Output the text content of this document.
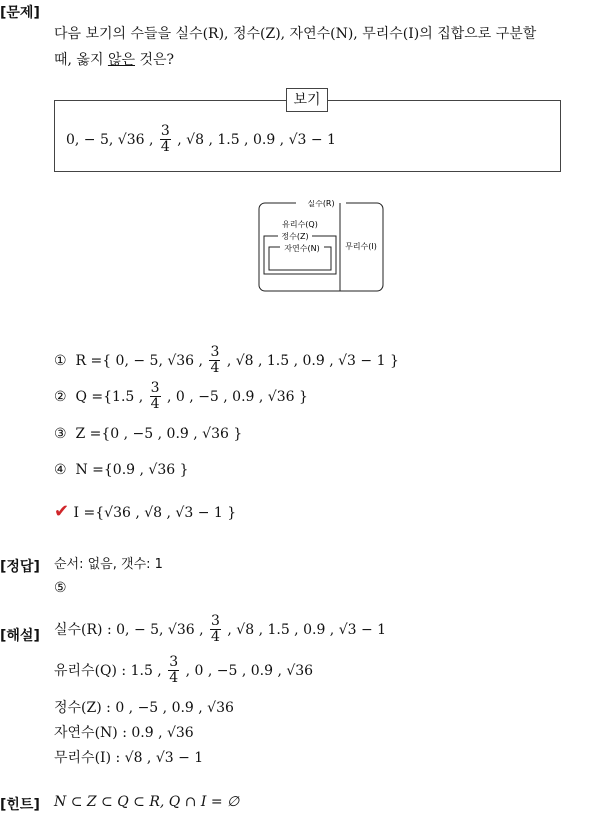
[문제]
다음 보기의 수들을 실수(R), 정수(Z), 자연수(N), 무리수(I)의 집합으로 구분할
때, 옳지 않은 것은?
보기
0, − 5, √36 , $\frac{3}{4}$ , √8 , 1.5̇ , 0.9̇ , √3 − 1
실수(R)
유리수(Q)
정수(Z)
자연수(N)	무리수(I)
① R ={ 0, − 5, √36 , $\frac{3}{4}$ , √8 , 1.5̇ , 0.9̇ , √3 − 1 }
② Q ={1.5̇ , $\frac{3}{4}$ , 0 , −5 , 0.9̇ , √36 }
③ Z ={0 , −5 , 0.9̇ , √36 }
④ N ={0.9̇ , √36 }
✔ I ={√36 , √8 , √3 − 1 }
[정답] 순서: 없음, 갯수: 1
⑤
[해설] 실수(R) : 0, − 5, √36 , $\frac{3}{4}$ , √8 , 1.5̇ , 0.9̇ , √3 − 1
유리수(Q) : 1.5̇ , $\frac{3}{4}$ , 0 , −5 , 0.9̇ , √36
정수(Z) : 0 , −5 , 0.9̇ , √36
자연수(N) : 0.9̇ , √36
무리수(I) : √8 , √3 − 1
[힌트] N ⊂ Z ⊂ Q ⊂ R, Q ∩ I = ∅
